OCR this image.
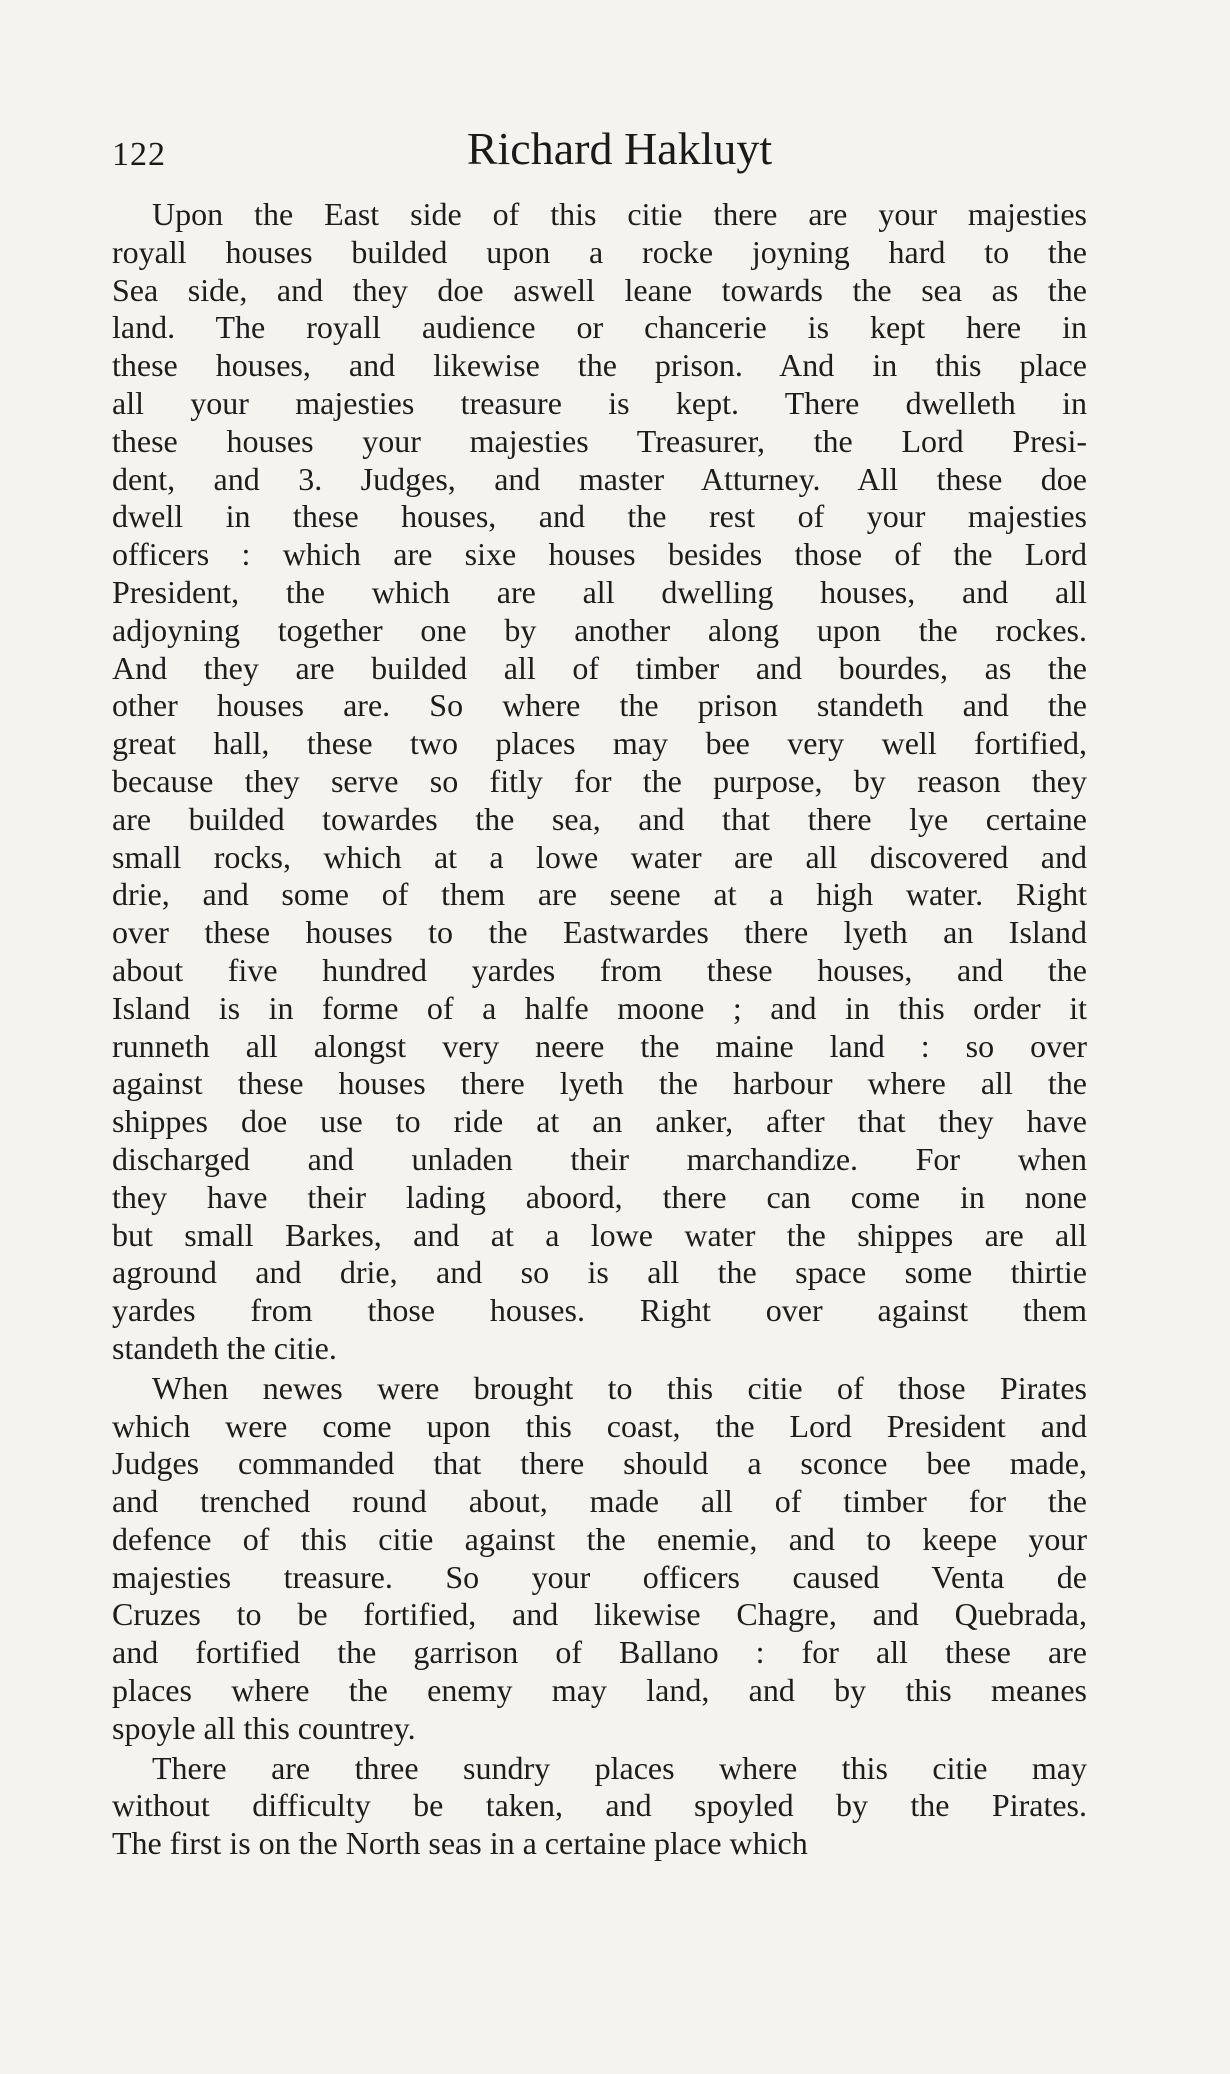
122	Richard Hakluyt
Upon the East side of this citie there are your majesties
royall houses builded upon a rocke joyning hard to the
Sea side, and they doe aswell leane towards the sea as the
land. The royall audience or chancerie is kept here in
these houses, and likewise the prison. And in this place
all your majesties treasure is kept. There dwelleth in
these houses your majesties Treasurer, the Lord Presi-
dent, and 3. Judges, and master Atturney. All these doe
dwell in these houses, and the rest of your majesties
officers : which are sixe houses besides those of the Lord
President, the which are all dwelling houses, and all
adjoyning together one by another along upon the rockes.
And they are builded all of timber and bourdes, as the
other houses are. So where the prison standeth and the
great hall, these two places may bee very well fortified,
because they serve so fitly for the purpose, by reason they
are builded towardes the sea, and that there lye certaine
small rocks, which at a lowe water are all discovered and
drie, and some of them are seene at a high water. Right
over these houses to the Eastwardes there lyeth an Island
about five hundred yardes from these houses, and the
Island is in forme of a halfe moone ; and in this order it
runneth all alongst very neere the maine land : so over
against these houses there lyeth the harbour where all the
shippes doe use to ride at an anker, after that they have
discharged and unladen their marchandize. For when
they have their lading aboord, there can come in none
but small Barkes, and at a lowe water the shippes are all
aground and drie, and so is all the space some thirtie
yardes from those houses. Right over against them
standeth the citie.
When newes were brought to this citie of those Pirates
which were come upon this coast, the Lord President and
Judges commanded that there should a sconce bee made,
and trenched round about, made all of timber for the
defence of this citie against the enemie, and to keepe your
majesties treasure. So your officers caused Venta de
Cruzes to be fortified, and likewise Chagre, and Quebrada,
and fortified the garrison of Ballano : for all these are
places where the enemy may land, and by this meanes
spoyle all this countrey.
There are three sundry places where this citie may
without difficulty be taken, and spoyled by the Pirates.
The first is on the North seas in a certaine place which
